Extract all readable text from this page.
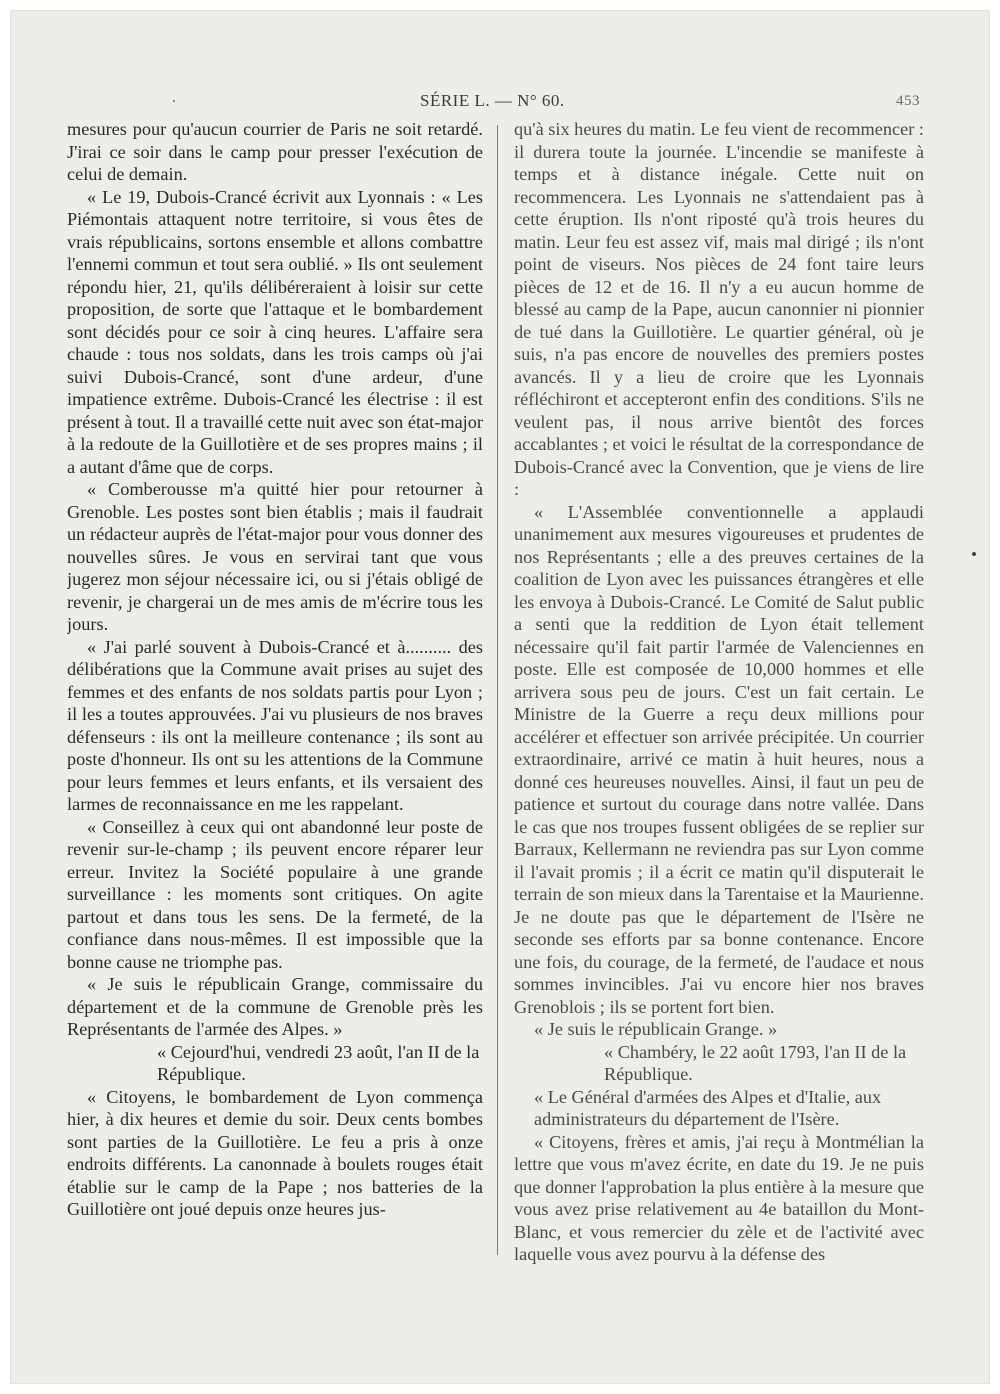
.	SÉRIE L. — N° 60.	453

mesures pour qu'aucun courrier de Paris ne soit retardé. J'irai ce soir dans le camp pour presser l'exécution de celui de demain.

« Le 19, Dubois-Crancé écrivit aux Lyonnais : « Les Piémontais attaquent notre territoire, si vous êtes de vrais républicains, sortons ensemble et allons combattre l'ennemi commun et tout sera oublié. » Ils ont seulement répondu hier, 21, qu'ils délibéreraient à loisir sur cette proposition, de sorte que l'attaque et le bombardement sont décidés pour ce soir à cinq heures. L'affaire sera chaude : tous nos soldats, dans les trois camps où j'ai suivi Dubois-Crancé, sont d'une ardeur, d'une impatience extrême. Dubois-Crancé les électrise : il est présent à tout. Il a travaillé cette nuit avec son état-major à la redoute de la Guillotière et de ses propres mains ; il a autant d'âme que de corps.

« Comberousse m'a quitté hier pour retourner à Grenoble. Les postes sont bien établis ; mais il faudrait un rédacteur auprès de l'état-major pour vous donner des nouvelles sûres. Je vous en servirai tant que vous jugerez mon séjour nécessaire ici, ou si j'étais obligé de revenir, je chargerai un de mes amis de m'écrire tous les jours.

« J'ai parlé souvent à Dubois-Crancé et à.......... des délibérations que la Commune avait prises au sujet des femmes et des enfants de nos soldats partis pour Lyon ; il les a toutes approuvées. J'ai vu plusieurs de nos braves défenseurs : ils ont la meilleure contenance ; ils sont au poste d'honneur. Ils ont su les attentions de la Commune pour leurs femmes et leurs enfants, et ils versaient des larmes de reconnaissance en me les rappelant.

« Conseillez à ceux qui ont abandonné leur poste de revenir sur-le-champ ; ils peuvent encore réparer leur erreur. Invitez la Société populaire à une grande surveillance : les moments sont critiques. On agite partout et dans tous les sens. De la fermeté, de la confiance dans nous-mêmes. Il est impossible que la bonne cause ne triomphe pas.

« Je suis le républicain Grange, commissaire du département et de la commune de Grenoble près les Représentants de l'armée des Alpes. »

« Cejourd'hui, vendredi 23 août, l'an II de la République.

« Citoyens, le bombardement de Lyon commença hier, à dix heures et demie du soir. Deux cents bombes sont parties de la Guillotière. Le feu a pris à onze endroits différents. La canonnade à boulets rouges était établie sur le camp de la Pape ; nos batteries de la Guillotière ont joué depuis onze heures jus-

qu'à six heures du matin. Le feu vient de recommencer : il durera toute la journée. L'incendie se manifeste à temps et à distance inégale. Cette nuit on recommencera. Les Lyonnais ne s'attendaient pas à cette éruption. Ils n'ont riposté qu'à trois heures du matin. Leur feu est assez vif, mais mal dirigé ; ils n'ont point de viseurs. Nos pièces de 24 font taire leurs pièces de 12 et de 16. Il n'y a eu aucun homme de blessé au camp de la Pape, aucun canonnier ni pionnier de tué dans la Guillotière. Le quartier général, où je suis, n'a pas encore de nouvelles des premiers postes avancés. Il y a lieu de croire que les Lyonnais réfléchiront et accepteront enfin des conditions. S'ils ne veulent pas, il nous arrive bientôt des forces accablantes ; et voici le résultat de la correspondance de Dubois-Crancé avec la Convention, que je viens de lire :

« L'Assemblée conventionnelle a applaudi unanimement aux mesures vigoureuses et prudentes de nos Représentants ; elle a des preuves certaines de la coalition de Lyon avec les puissances étrangères et elle les envoya à Dubois-Crancé. Le Comité de Salut public a senti que la reddition de Lyon était tellement nécessaire qu'il fait partir l'armée de Valenciennes en poste. Elle est composée de 10,000 hommes et elle arrivera sous peu de jours. C'est un fait certain. Le Ministre de la Guerre a reçu deux millions pour accélérer et effectuer son arrivée précipitée. Un courrier extraordinaire, arrivé ce matin à huit heures, nous a donné ces heureuses nouvelles. Ainsi, il faut un peu de patience et surtout du courage dans notre vallée. Dans le cas que nos troupes fussent obligées de se replier sur Barraux, Kellermann ne reviendra pas sur Lyon comme il l'avait promis ; il a écrit ce matin qu'il disputerait le terrain de son mieux dans la Tarentaise et la Maurienne. Je ne doute pas que le département de l'Isère ne seconde ses efforts par sa bonne contenance. Encore une fois, du courage, de la fermeté, de l'audace et nous sommes invincibles. J'ai vu encore hier nos braves Grenoblois ; ils se portent fort bien.

« Je suis le républicain Grange. »

« Chambéry, le 22 août 1793, l'an II de la République.

« Le Général d'armées des Alpes et d'Italie, aux administrateurs du département de l'Isère.

« Citoyens, frères et amis, j'ai reçu à Montmélian la lettre que vous m'avez écrite, en date du 19. Je ne puis que donner l'approbation la plus entière à la mesure que vous avez prise relativement au 4e bataillon du Mont-Blanc, et vous remercier du zèle et de l'activité avec laquelle vous avez pourvu à la défense des
